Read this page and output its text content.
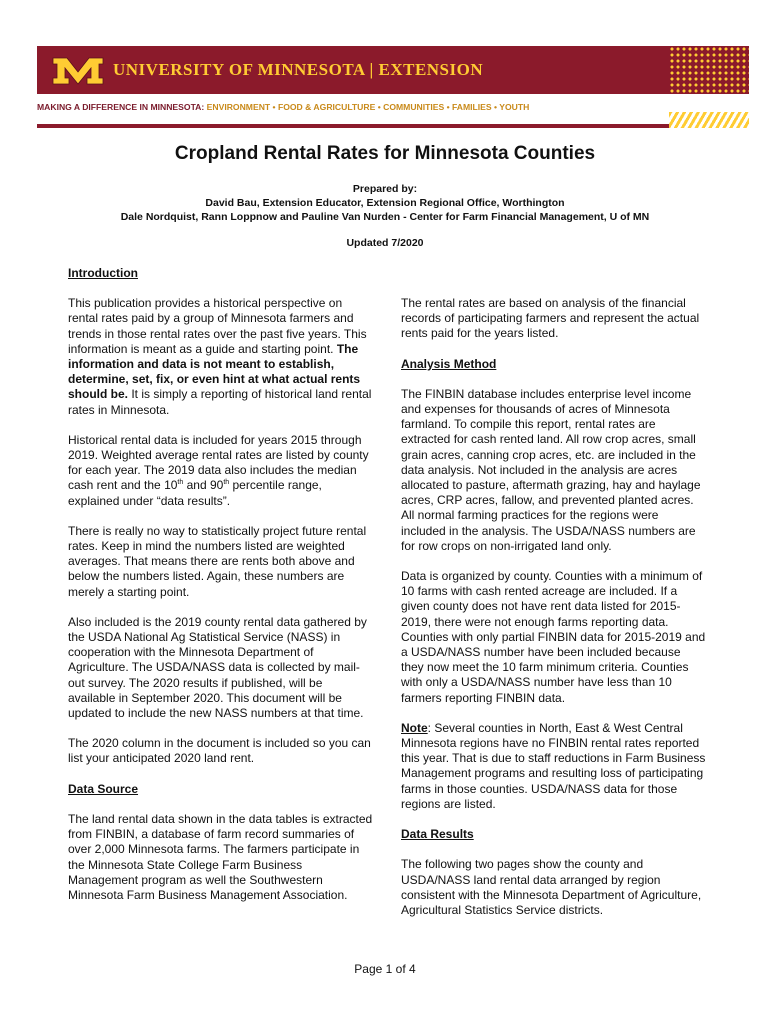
UNIVERSITY OF MINNESOTA | EXTENSION
MAKING A DIFFERENCE IN MINNESOTA: ENVIRONMENT • FOOD & AGRICULTURE • COMMUNITIES • FAMILIES • YOUTH
Cropland Rental Rates for Minnesota Counties

Prepared by:

David Bau, Extension Educator, Extension Regional Office, Worthington

Dale Nordquist, Rann Loppnow and Pauline Van Nurden - Center for Farm Financial Management, U of MN

Updated 7/2020

Introduction

This publication provides a historical perspective on rental rates paid by a group of Minnesota farmers and trends in those rental rates over the past five years. This information is meant as a guide and starting point. The information and data is not meant to establish, determine, set, fix, or even hint at what actual rents should be. It is simply a reporting of historical land rental rates in Minnesota.

Historical rental data is included for years 2015 through 2019. Weighted average rental rates are listed by county for each year. The 2019 data also includes the median cash rent and the 10th and 90th percentile range, explained under “data results”.

There is really no way to statistically project future rental rates. Keep in mind the numbers listed are weighted averages. That means there are rents both above and below the numbers listed. Again, these numbers are merely a starting point.

Also included is the 2019 county rental data gathered by the USDA National Ag Statistical Service (NASS) in cooperation with the Minnesota Department of Agriculture. The USDA/NASS data is collected by mail-out survey. The 2020 results if published, will be available in September 2020. This document will be updated to include the new NASS numbers at that time.

The 2020 column in the document is included so you can list your anticipated 2020 land rent.

Data Source

The land rental data shown in the data tables is extracted from FINBIN, a database of farm record summaries of over 2,000 Minnesota farms. The farmers participate in the Minnesota State College Farm Business Management program as well the Southwestern Minnesota Farm Business Management Association.

The rental rates are based on analysis of the financial records of participating farmers and represent the actual rents paid for the years listed.

Analysis Method

The FINBIN database includes enterprise level income and expenses for thousands of acres of Minnesota farmland. To compile this report, rental rates are extracted for cash rented land. All row crop acres, small grain acres, canning crop acres, etc. are included in the data analysis. Not included in the analysis are acres allocated to pasture, aftermath grazing, hay and haylage acres, CRP acres, fallow, and prevented planted acres. All normal farming practices for the regions were included in the analysis. The USDA/NASS numbers are for row crops on non-irrigated land only.

Data is organized by county. Counties with a minimum of 10 farms with cash rented acreage are included. If a given county does not have rent data listed for 2015-2019, there were not enough farms reporting data. Counties with only partial FINBIN data for 2015-2019 and a USDA/NASS number have been included because they now meet the 10 farm minimum criteria. Counties with only a USDA/NASS number have less than 10 farmers reporting FINBIN data.

Note: Several counties in North, East & West Central Minnesota regions have no FINBIN rental rates reported this year. That is due to staff reductions in Farm Business Management programs and resulting loss of participating farms in those counties. USDA/NASS data for those regions are listed.

Data Results

The following two pages show the county and USDA/NASS land rental data arranged by region consistent with the Minnesota Department of Agriculture, Agricultural Statistics Service districts.

Page 1 of 4
